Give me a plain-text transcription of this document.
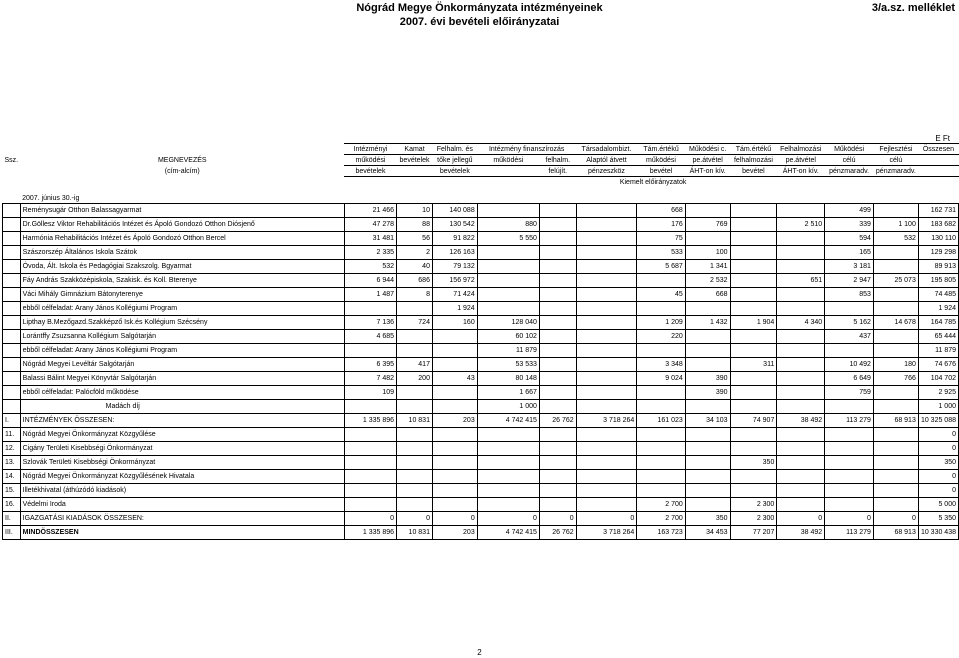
Nógrád Megye Önkormányzata intézményeinek
2007. évi bevételi előirányzatai
3/a.sz. melléklet
E Ft
		Intézményi	Kamat	Felhalm. és	Intézmény finanszírozás		Társadalombizt.	Tám.értékű	Működési c.	Tám.értékű	Felhalmozási	Működési	Fejlesztési	Összesen
Ssz.	MEGNEVEZÉS	működési	bevételek	tőke jellegű	működési	felhalm.	Alaptól átvett	működési	pe.átvétel	felhalmozási	pe.átvétel	célú	célú	
	(cím-alcím)	bevételek		bevételek		felújít.	pénzeszköz	bevétel	ÁHT-on kív.	bevétel	ÁHT-on kív.	pénzmaradv.	pénzmaradv.	
							Kiemelt előirányzatok							

	2007. június 30.-ig													
	Reménysugár Otthon Balassagyarmat	21 466	10	140 088				668				499		162 731
	Dr.Göllesz Viktor Rehabilitációs Intézet és Ápoló Gondozó Otthon Diósjenő	47 278	88	130 542	880			176	769		2 510	339	1 100	183 682
	Harmónia Rehabilitációs Intézet és Ápoló Gondozó Otthon Bercel	31 481	56	91 822	5 550			75				594	532	130 110
	Szászorszép Általános Iskola Szátok	2 335	2	126 163				533	100			165		129 298
	Óvoda, Ált. Iskola és Pedagógiai Szakszolg. Bgyarmat	532	40	79 132				5 687	1 341			3 181		89 913
	Fáy András Szakközépiskola, Szakisk. és Koll. Bterenye	6 944	686	156 972					2 532		651	2 947	25 073	195 805
	Váci Mihály Gimnázium Bátonyterenye	1 487	8	71 424				45	668			853		74 485
	ebből célfeladat: Arany János Kollégiumi Program			1 924										1 924
	Lipthay B.Mezőgazd.Szakképző Isk.és Kollégium Szécsény	7 136	724	160	128 040			1 209	1 432	1 904	4 340	5 162	14 678	164 785
	Lorántffy Zsuzsanna Kollégium Salgótarján	4 685			60 102			220				437		65 444
	ebből célfeladat: Arany János Kollégiumi Program				11 879									11 879
	Nógrád Megyei Levéltár Salgótarján	6 395	417		53 533			3 348		311		10 492	180	74 676
	Balassi Bálint Megyei Könyvtár Salgótarján	7 482	200	43	80 148			9 024	390			6 649	766	104 702
	ebből célfeladat: Palócföld működése	109			1 667				390			759		2 925
	Madách díj				1 000									1 000
I.	INTÉZMÉNYEK ÖSSZESEN:	1 335 896	10 831	203	4 742 415	26 762	3 718 264	161 023	34 103	74 907	38 492	113 279	68 913	10 325 088
11.	Nógrád Megyei Önkormányzat Közgyűlése													0
12.	Cigány Területi Kisebbségi Önkormányzat													0
13.	Szlovák Területi Kisebbségi Önkormányzat									350				350
14.	Nógrád Megyei Önkormányzat Közgyűlésének Hivatala													0
15.	Illetékhivatal (áthúzódó kiadások)													0
16.	Védelmi Iroda							2 700		2 300				5 000
II.	IGAZGATÁSI KIADÁSOK ÖSSZESEN:	0	0	0	0	0	0	2 700	350	2 300	0	0	0	5 350
III.	MINDÖSSZESEN	1 335 896	10 831	203	4 742 415	26 762	3 718 264	163 723	34 453	77 207	38 492	113 279	68 913	10 330 438
2
